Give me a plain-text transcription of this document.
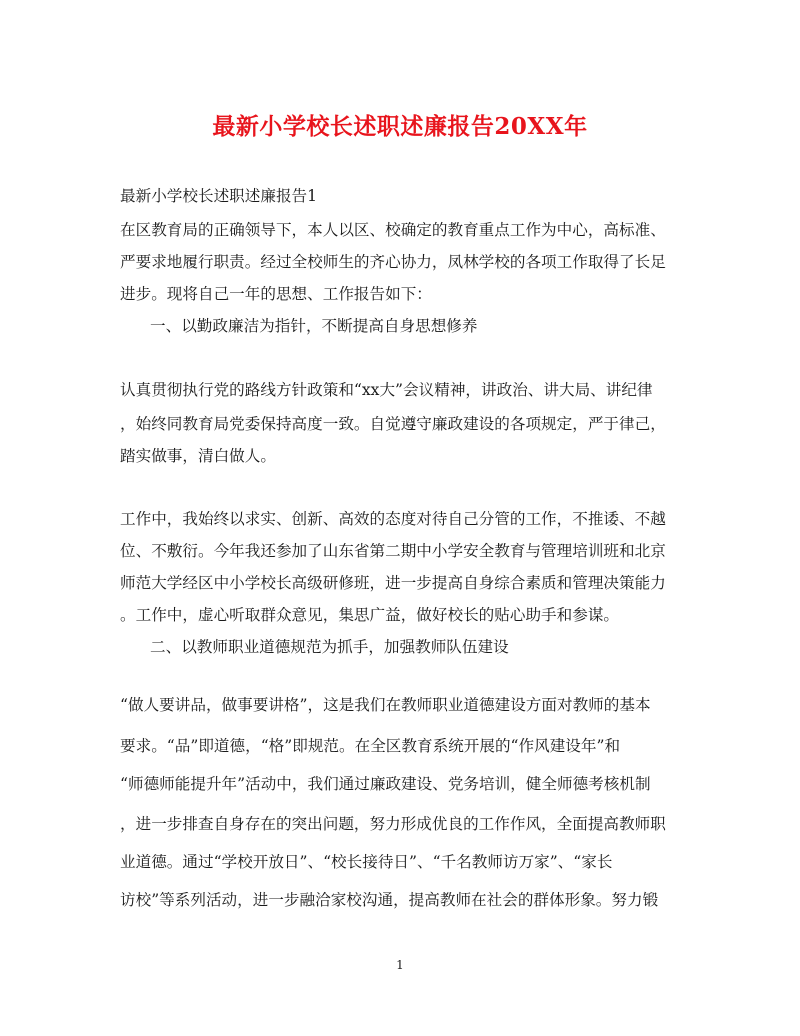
最新小学校长述职述廉报告20XX年
最新小学校长述职述廉报告1
在区教育局的正确领导下，本人以区、校确定的教育重点工作为中心，高标准、
严要求地履行职责。经过全校师生的齐心协力，凤林学校的各项工作取得了长足
进步。现将自己一年的思想、工作报告如下：
一、以勤政廉洁为指针，不断提高自身思想修养
认真贯彻执行党的路线方针政策和“xx大”会议精神，讲政治、讲大局、讲纪律
，始终同教育局党委保持高度一致。自觉遵守廉政建设的各项规定，严于律己，
踏实做事，清白做人。
工作中，我始终以求实、创新、高效的态度对待自己分管的工作，不推诿、不越
位、不敷衍。今年我还参加了山东省第二期中小学安全教育与管理培训班和北京
师范大学经区中小学校长高级研修班，进一步提高自身综合素质和管理决策能力
。工作中，虚心听取群众意见，集思广益，做好校长的贴心助手和参谋。
二、以教师职业道德规范为抓手，加强教师队伍建设
“做人要讲品，做事要讲格”，这是我们在教师职业道德建设方面对教师的基本
要求。“品”即道德，“格”即规范。在全区教育系统开展的“作风建设年”和
“师德师能提升年”活动中，我们通过廉政建设、党务培训，健全师德考核机制
，进一步排查自身存在的突出问题，努力形成优良的工作作风，全面提高教师职
业道德。通过“学校开放日”、“校长接待日”、“千名教师访万家”、“家长
访校”等系列活动，进一步融洽家校沟通，提高教师在社会的群体形象。努力锻
1
